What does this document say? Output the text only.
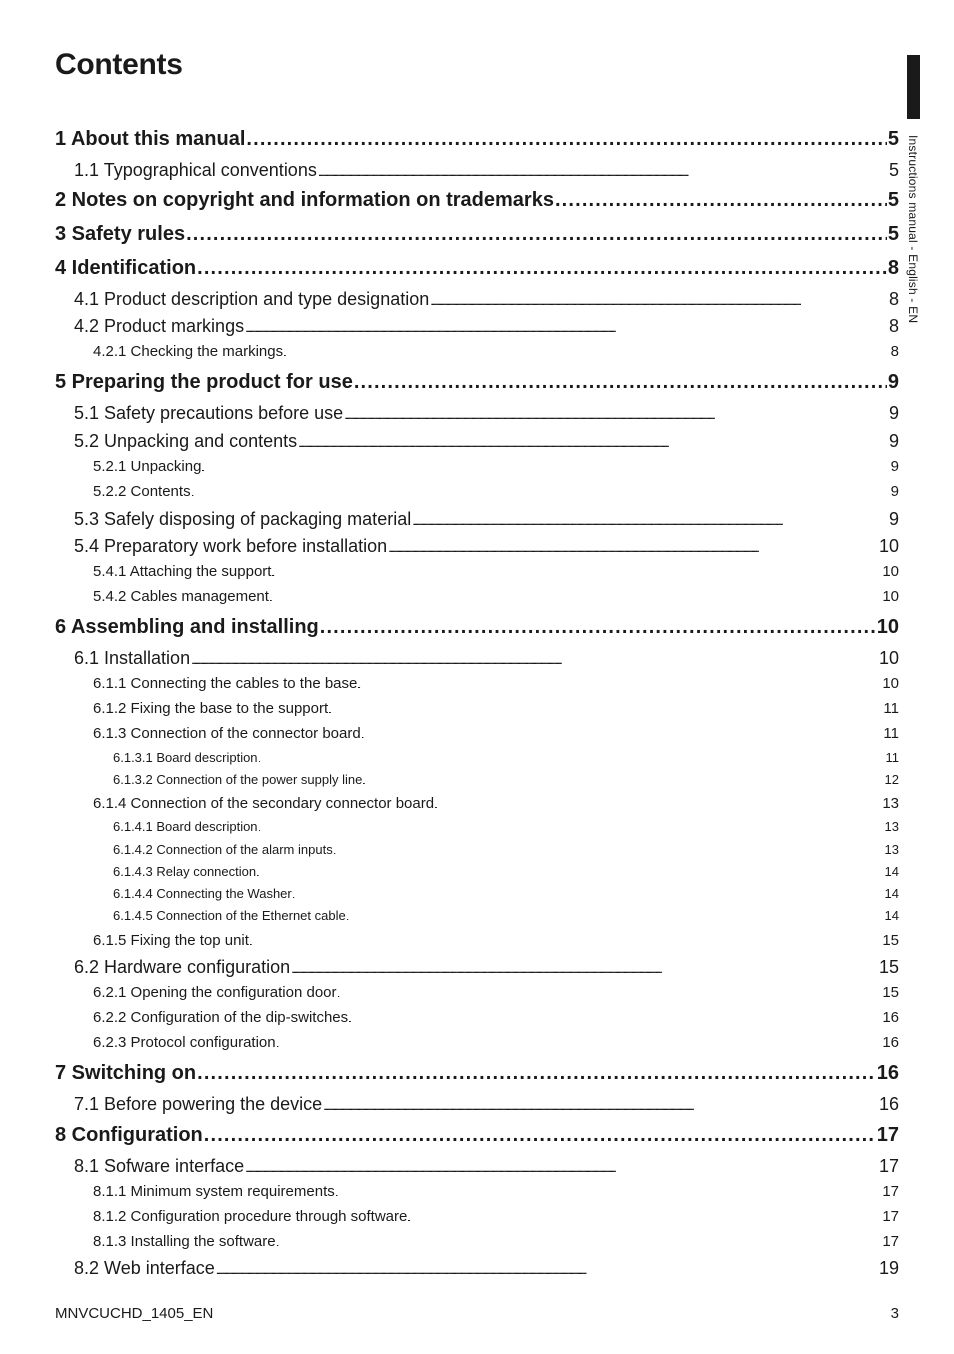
Contents
Instructions manual - English - EN
1 About this manual . . .	5
1.1 Typographical conventions . . .	5
2 Notes on copyright and information on trademarks . . .	5
3 Safety rules . . .	5
4 Identification . . .	8
4.1 Product description and type designation . . .	8
4.2 Product markings . . .	8
4.2.1 Checking the markings . . .	8
5 Preparing the product for use . . .	9
5.1 Safety precautions before use . . .	9
5.2 Unpacking and contents . . .	9
5.2.1 Unpacking . . .	9
5.2.2 Contents . . .	9
5.3 Safely disposing of packaging material . . .	9
5.4 Preparatory work before installation . . .	10
5.4.1 Attaching the support . . .	10
5.4.2 Cables management . . .	10
6 Assembling and installing . . .	10
6.1 Installation . . .	10
6.1.1 Connecting the cables to the base . . .	10
6.1.2 Fixing the base to the support . . .	11
6.1.3 Connection of the connector board . . .	11
6.1.3.1 Board description . . .	11
6.1.3.2 Connection of the power supply line . . .	12
6.1.4 Connection of the secondary connector board . . .	13
6.1.4.1 Board description . . .	13
6.1.4.2 Connection of the alarm inputs . . .	13
6.1.4.3 Relay connection . . .	14
6.1.4.4 Connecting the Washer . . .	14
6.1.4.5 Connection of the Ethernet cable . . .	14
6.1.5 Fixing the top unit . . .	15
6.2 Hardware configuration . . .	15
6.2.1 Opening the configuration door . . .	15
6.2.2 Configuration of the dip-switches . . .	16
6.2.3 Protocol configuration . . .	16
7 Switching on . . .	16
7.1 Before powering the device . . .	16
8 Configuration . . .	17
8.1 Sofware interface . . .	17
8.1.1 Minimum system requirements . . .	17
8.1.2 Configuration procedure through software . . .	17
8.1.3 Installing the software . . .	17
8.2 Web interface . . .	19
MNVCUCHD_1405_EN	3
